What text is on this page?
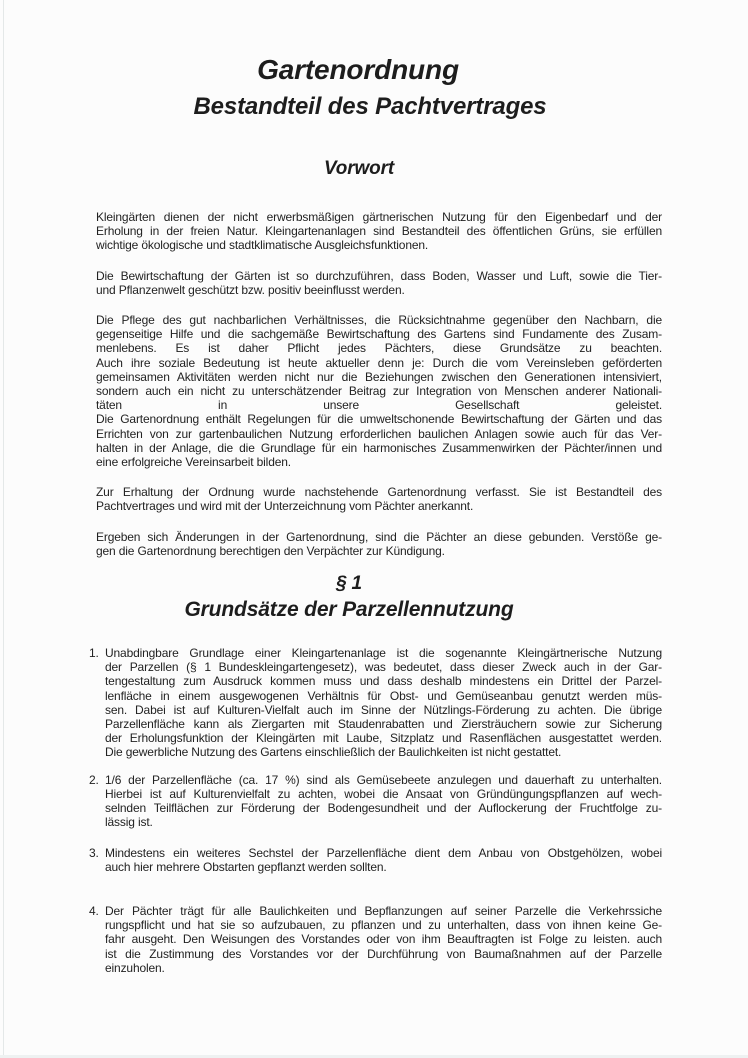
Gartenordnung
Bestandteil des Pachtvertrages
Vorwort
Kleingärten dienen der nicht erwerbsmäßigen gärtnerischen Nutzung für den Eigenbedarf und der
Erholung in der freien Natur. Kleingartenanlagen sind Bestandteil des öffentlichen Grüns, sie erfüllen
wichtige ökologische und stadtklimatische Ausgleichsfunktionen.
Die Bewirtschaftung der Gärten ist so durchzuführen, dass Boden, Wasser und Luft, sowie die Tier-
und Pflanzenwelt geschützt bzw. positiv beeinflusst werden.
Die Pflege des gut nachbarlichen Verhältnisses, die Rücksichtnahme gegenüber den Nachbarn, die
gegenseitige Hilfe und die sachgemäße Bewirtschaftung des Gartens sind Fundamente des Zusam-
menlebens. Es ist daher Pflicht jedes Pächters, diese Grundsätze zu beachten.
Auch ihre soziale Bedeutung ist heute aktueller denn je: Durch die vom Vereinsleben geförderten
gemeinsamen Aktivitäten werden nicht nur die Beziehungen zwischen den Generationen intensiviert,
sondern auch ein nicht zu unterschätzender Beitrag zur Integration von Menschen anderer Nationali-
täten in unsere Gesellschaft geleistet.
Die Gartenordnung enthält Regelungen für die umweltschonende Bewirtschaftung der Gärten und das
Errichten von zur gartenbaulichen Nutzung erforderlichen baulichen Anlagen sowie auch für das Ver-
halten in der Anlage, die die Grundlage für ein harmonisches Zusammenwirken der Pächter/innen und
eine erfolgreiche Vereinsarbeit bilden.
Zur Erhaltung der Ordnung wurde nachstehende Gartenordnung verfasst. Sie ist Bestandteil des
Pachtvertrages und wird mit der Unterzeichnung vom Pächter anerkannt.
Ergeben sich Änderungen in der Gartenordnung, sind die Pächter an diese gebunden. Verstöße ge-
gen die Gartenordnung berechtigen den Verpächter zur Kündigung.
§ 1
Grundsätze der Parzellennutzung
1. Unabdingbare Grundlage einer Kleingartenanlage ist die sogenannte Kleingärtnerische Nutzung
der Parzellen (§ 1 Bundeskleingartengesetz), was bedeutet, dass dieser Zweck auch in der Gar-
tengestaltung zum Ausdruck kommen muss und dass deshalb mindestens ein Drittel der Parzel-
lenfläche in einem ausgewogenen Verhältnis für Obst- und Gemüseanbau genutzt werden müs-
sen. Dabei ist auf Kulturen-Vielfalt auch im Sinne der Nützlings-Förderung zu achten. Die übrige
Parzellenfläche kann als Ziergarten mit Staudenrabatten und Ziersträuchern sowie zur Sicherung
der Erholungsfunktion der Kleingärten mit Laube, Sitzplatz und Rasenflächen ausgestattet werden.
Die gewerbliche Nutzung des Gartens einschließlich der Baulichkeiten ist nicht gestattet.
2. 1/6 der Parzellenfläche (ca. 17 %) sind als Gemüsebeete anzulegen und dauerhaft zu unterhalten.
Hierbei ist auf Kulturenvielfalt zu achten, wobei die Ansaat von Gründüngungspflanzen auf wech-
selnden Teilflächen zur Förderung der Bodengesundheit und der Auflockerung der Fruchtfolge zu-
lässig ist.
3. Mindestens ein weiteres Sechstel der Parzellenfläche dient dem Anbau von Obstgehölzen, wobei
auch hier mehrere Obstarten gepflanzt werden sollten.
4. Der Pächter trägt für alle Baulichkeiten und Bepflanzungen auf seiner Parzelle die Verkehrssiche
rungspflicht und hat sie so aufzubauen, zu pflanzen und zu unterhalten, dass von ihnen keine Ge-
fahr ausgeht. Den Weisungen des Vorstandes oder von ihm Beauftragten ist Folge zu leisten. auch
ist die Zustimmung des Vorstandes vor der Durchführung von Baumaßnahmen auf der Parzelle
einzuholen.
